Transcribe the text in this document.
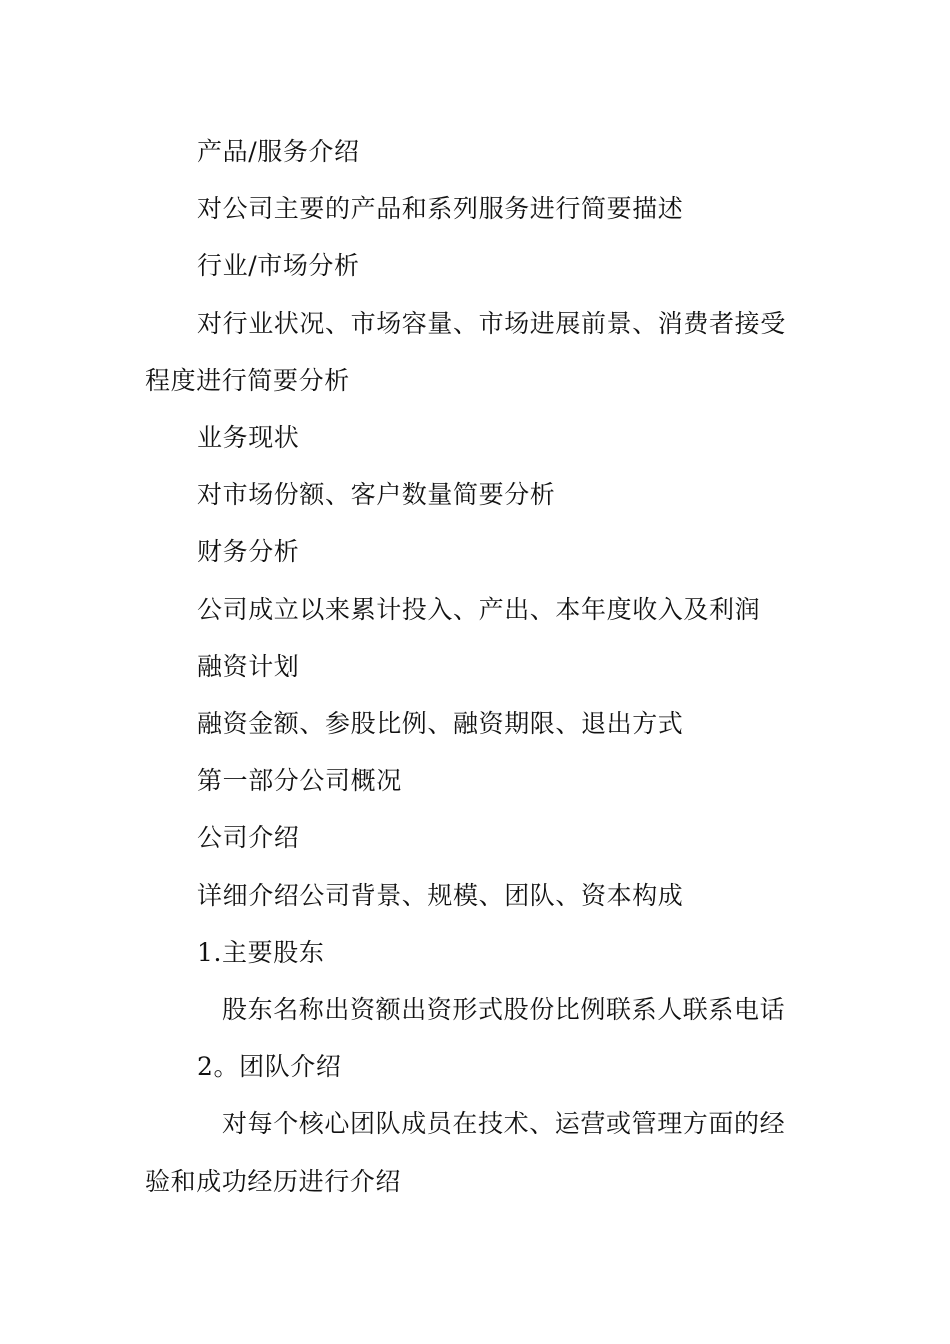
产品/服务介绍

对公司主要的产品和系列服务进行简要描述

行业/市场分析

对行业状况、市场容量、市场进展前景、消费者接受程度进行简要分析

业务现状

对市场份额、客户数量简要分析

财务分析

公司成立以来累计投入、产出、本年度收入及利润

融资计划

融资金额、参股比例、融资期限、退出方式

第一部分公司概况

公司介绍

详细介绍公司背景、规模、团队、资本构成

1.主要股东

股东名称出资额出资形式股份比例联系人联系电话

2。团队介绍

对每个核心团队成员在技术、运营或管理方面的经验和成功经历进行介绍
